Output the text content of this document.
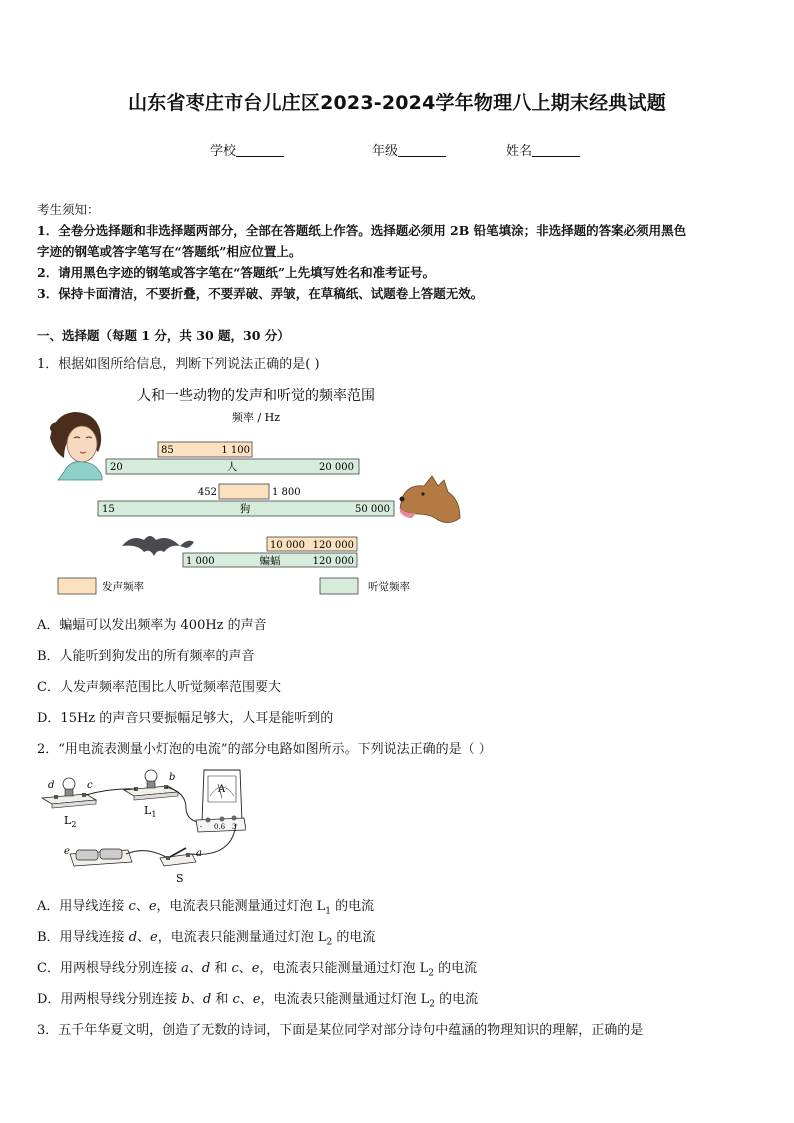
山东省枣庄市台儿庄区2023-2024学年物理八上期末经典试题
学校	年级	姓名
考生须知：
1．全卷分选择题和非选择题两部分，全部在答题纸上作答。选择题必须用 2B 铅笔填涂；非选择题的答案必须用黑色
字迹的钢笔或答字笔写在“答题纸”相应位置上。
2．请用黑色字迹的钢笔或答字笔在“答题纸”上先填写姓名和准考证号。
3．保持卡面清洁，不要折叠，不要弄破、弄皱，在草稿纸、试题卷上答题无效。
一、选择题（每题 1 分，共 30 题，30 分）
1．根据如图所给信息，判断下列说法正确的是( )
人和一些动物的发声和听觉的频率范围
频率 / Hz
85	1 100
20	人	20 000
452	1 800
15	狗	50 000
10 000 120 000
1 000	蝙蝠	120 000
发声频率	听觉频率
A．蝙蝠可以发出频率为 400Hz 的声音
B．人能听到狗发出的所有频率的声音
C．人发声频率范围比人听觉频率范围要大
D．15Hz 的声音只要振幅足够大，人耳是能听到的
2．“用电流表测量小灯泡的电流”的部分电路如图所示。下列说法正确的是（ ）
d	c
$L_2$
b
$L_1$
A
- 0.6 3
e	a
S
A．用导线连接 c、e，电流表只能测量通过灯泡 $L_1$ 的电流
B．用导线连接 d、e，电流表只能测量通过灯泡 $L_2$ 的电流
C．用两根导线分别连接 a、d 和 c、e，电流表只能测量通过灯泡 $L_2$ 的电流
D．用两根导线分别连接 b、d 和 c、e，电流表只能测量通过灯泡 $L_2$ 的电流
3．五千年华夏文明，创造了无数的诗词，下面是某位同学对部分诗句中蕴涵的物理知识的理解，正确的是
